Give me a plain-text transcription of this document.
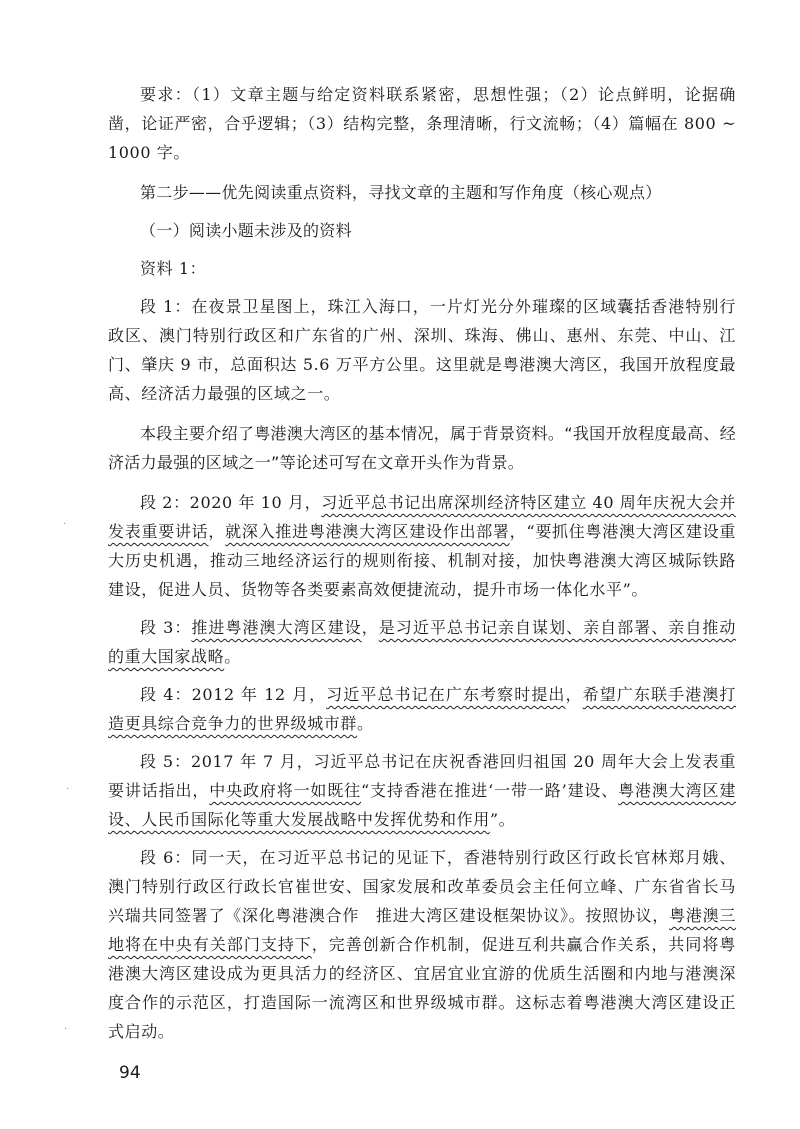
·
·
·

要求：（1）文章主题与给定资料联系紧密，思想性强；（2）论点鲜明，论据确凿，论证严密，合乎逻辑；（3）结构完整，条理清晰，行文流畅；（4）篇幅在 800 ~ 1000 字。

第二步——优先阅读重点资料，寻找文章的主题和写作角度（核心观点）

（一）阅读小题未涉及的资料

资料 1：

段 1：在夜景卫星图上，珠江入海口，一片灯光分外璀璨的区域囊括香港特别行政区、澳门特别行政区和广东省的广州、深圳、珠海、佛山、惠州、东莞、中山、江门、肇庆 9 市，总面积达 5.6 万平方公里。这里就是粤港澳大湾区，我国开放程度最高、经济活力最强的区域之一。

本段主要介绍了粤港澳大湾区的基本情况，属于背景资料。“我国开放程度最高、经济活力最强的区域之一”等论述可写在文章开头作为背景。

段 2：2020 年 10 月，习近平总书记出席深圳经济特区建立 40 周年庆祝大会并发表重要讲话，就深入推进粤港澳大湾区建设作出部署，“要抓住粤港澳大湾区建设重大历史机遇，推动三地经济运行的规则衔接、机制对接，加快粤港澳大湾区城际铁路建设，促进人员、货物等各类要素高效便捷流动，提升市场一体化水平”。

段 3：推进粤港澳大湾区建设，是习近平总书记亲自谋划、亲自部署、亲自推动的重大国家战略。

段 4：2012 年 12 月，习近平总书记在广东考察时提出，希望广东联手港澳打造更具综合竞争力的世界级城市群。

段 5：2017 年 7 月，习近平总书记在庆祝香港回归祖国 20 周年大会上发表重要讲话指出，中央政府将一如既往“支持香港在推进‘一带一路’建设、粤港澳大湾区建设、人民币国际化等重大发展战略中发挥优势和作用”。

段 6：同一天，在习近平总书记的见证下，香港特别行政区行政长官林郑月娥、澳门特别行政区行政长官崔世安、国家发展和改革委员会主任何立峰、广东省省长马兴瑞共同签署了《深化粤港澳合作　推进大湾区建设框架协议》。按照协议，粤港澳三地将在中央有关部门支持下，完善创新合作机制，促进互利共赢合作关系，共同将粤港澳大湾区建设成为更具活力的经济区、宜居宜业宜游的优质生活圈和内地与港澳深度合作的示范区，打造国际一流湾区和世界级城市群。这标志着粤港澳大湾区建设正式启动。

94
